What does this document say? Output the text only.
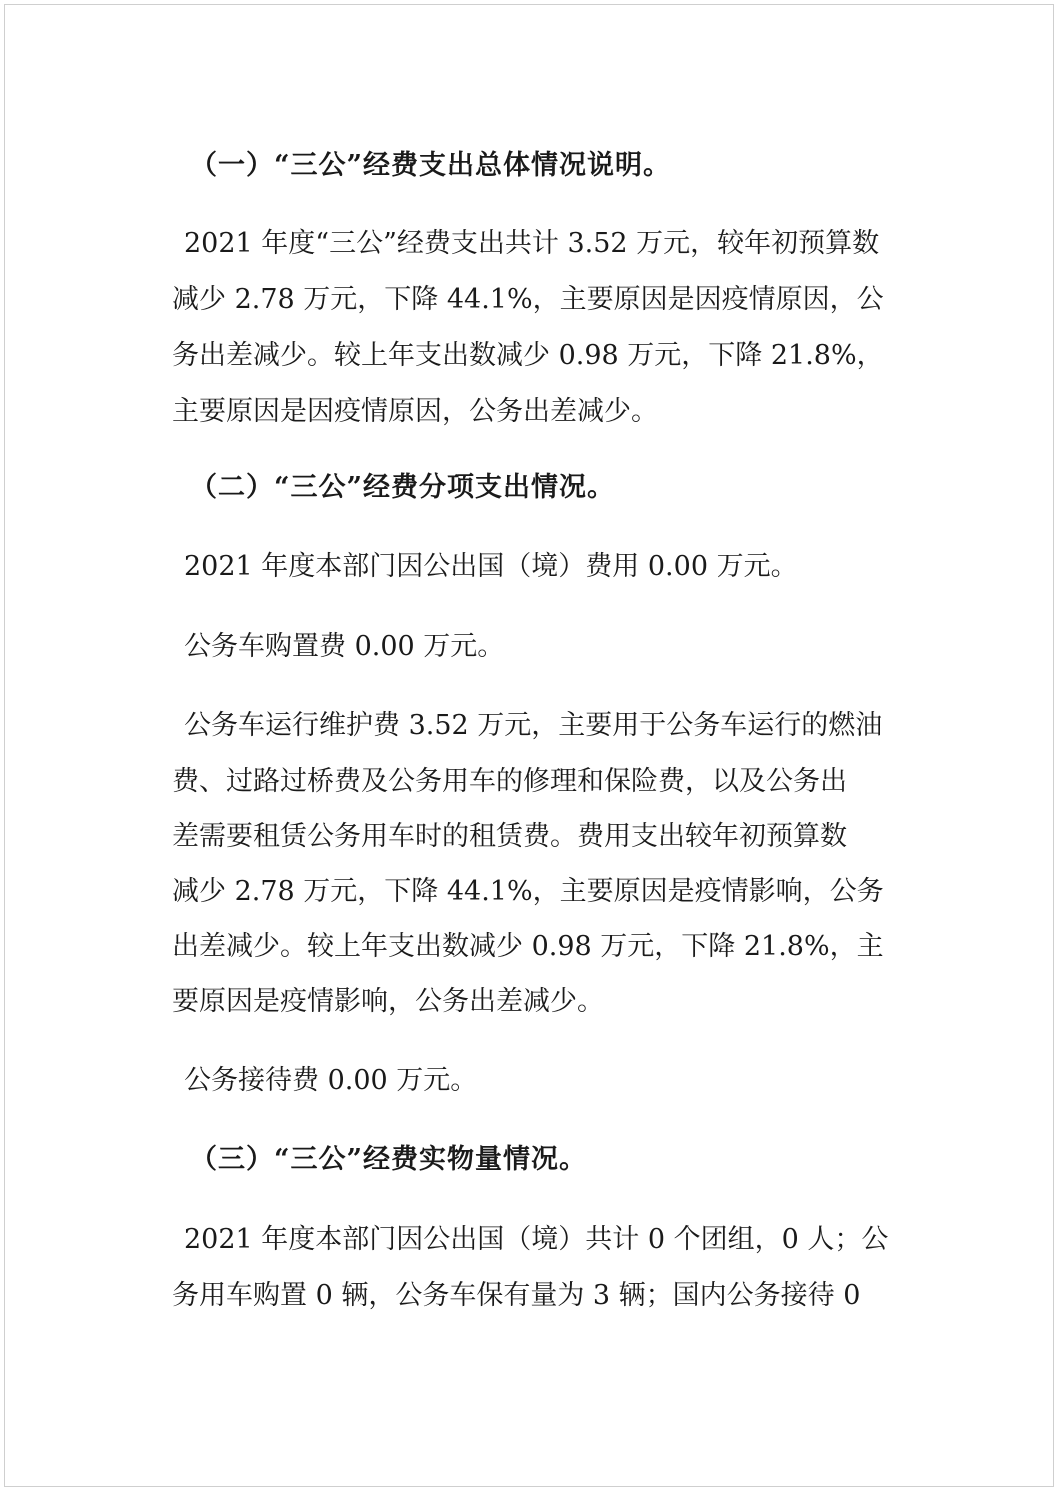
（一）“三公”经费支出总体情况说明。
2021 年度“三公”经费支出共计 3.52 万元，较年初预算数
减少 2.78 万元，下降 44.1%，主要原因是因疫情原因，公
务出差减少。较上年支出数减少 0.98 万元，下降 21.8%，
主要原因是因疫情原因，公务出差减少。
（二）“三公”经费分项支出情况。
2021 年度本部门因公出国（境）费用 0.00 万元。
公务车购置费 0.00 万元。
公务车运行维护费 3.52 万元，主要用于公务车运行的燃油
费、过路过桥费及公务用车的修理和保险费，以及公务出
差需要租赁公务用车时的租赁费。费用支出较年初预算数
减少 2.78 万元，下降 44.1%，主要原因是疫情影响，公务
出差减少。较上年支出数减少 0.98 万元，下降 21.8%，主
要原因是疫情影响，公务出差减少。
公务接待费 0.00 万元。
（三）“三公”经费实物量情况。
2021 年度本部门因公出国（境）共计 0 个团组，0 人；公
务用车购置 0 辆，公务车保有量为 3 辆；国内公务接待 0
